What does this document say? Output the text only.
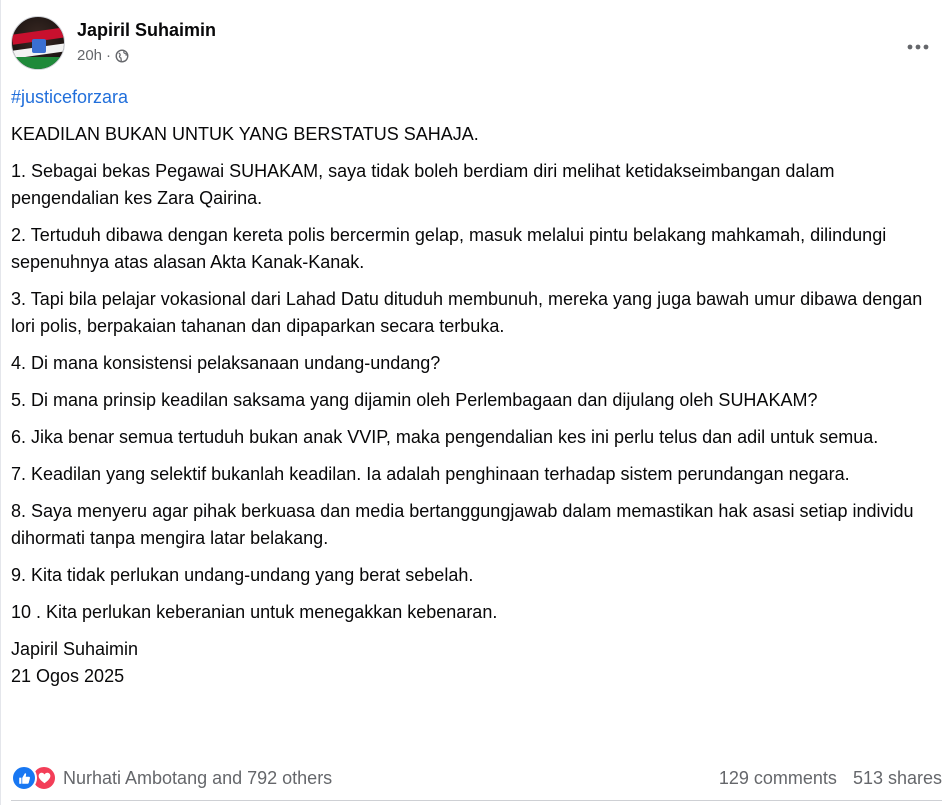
Japiril Suhaimin
20h ·
#justiceforzara

KEADILAN BUKAN UNTUK YANG BERSTATUS SAHAJA.

1. Sebagai bekas Pegawai SUHAKAM, saya tidak boleh berdiam diri melihat ketidakseimbangan dalam pengendalian kes Zara Qairina.

2. Tertuduh dibawa dengan kereta polis bercermin gelap, masuk melalui pintu belakang mahkamah, dilindungi sepenuhnya atas alasan Akta Kanak-Kanak.

3. Tapi bila pelajar vokasional dari Lahad Datu dituduh membunuh, mereka yang juga bawah umur dibawa dengan lori polis, berpakaian tahanan dan dipaparkan secara terbuka.

4. Di mana konsistensi pelaksanaan undang-undang?

5. Di mana prinsip keadilan saksama yang dijamin oleh Perlembagaan dan dijulang oleh SUHAKAM?

6. Jika benar semua tertuduh bukan anak VVIP, maka pengendalian kes ini perlu telus dan adil untuk semua.

7. Keadilan yang selektif bukanlah keadilan. Ia adalah penghinaan terhadap sistem perundangan negara.

8. Saya menyeru agar pihak berkuasa dan media bertanggungjawab dalam memastikan hak asasi setiap individu dihormati tanpa mengira latar belakang.

9. Kita tidak perlukan undang-undang yang berat sebelah.

10 . Kita perlukan keberanian untuk menegakkan kebenaran.

Japiril Suhaimin

21 Ogos 2025

Nurhati Ambotang and 792 others	129 comments 513 shares
